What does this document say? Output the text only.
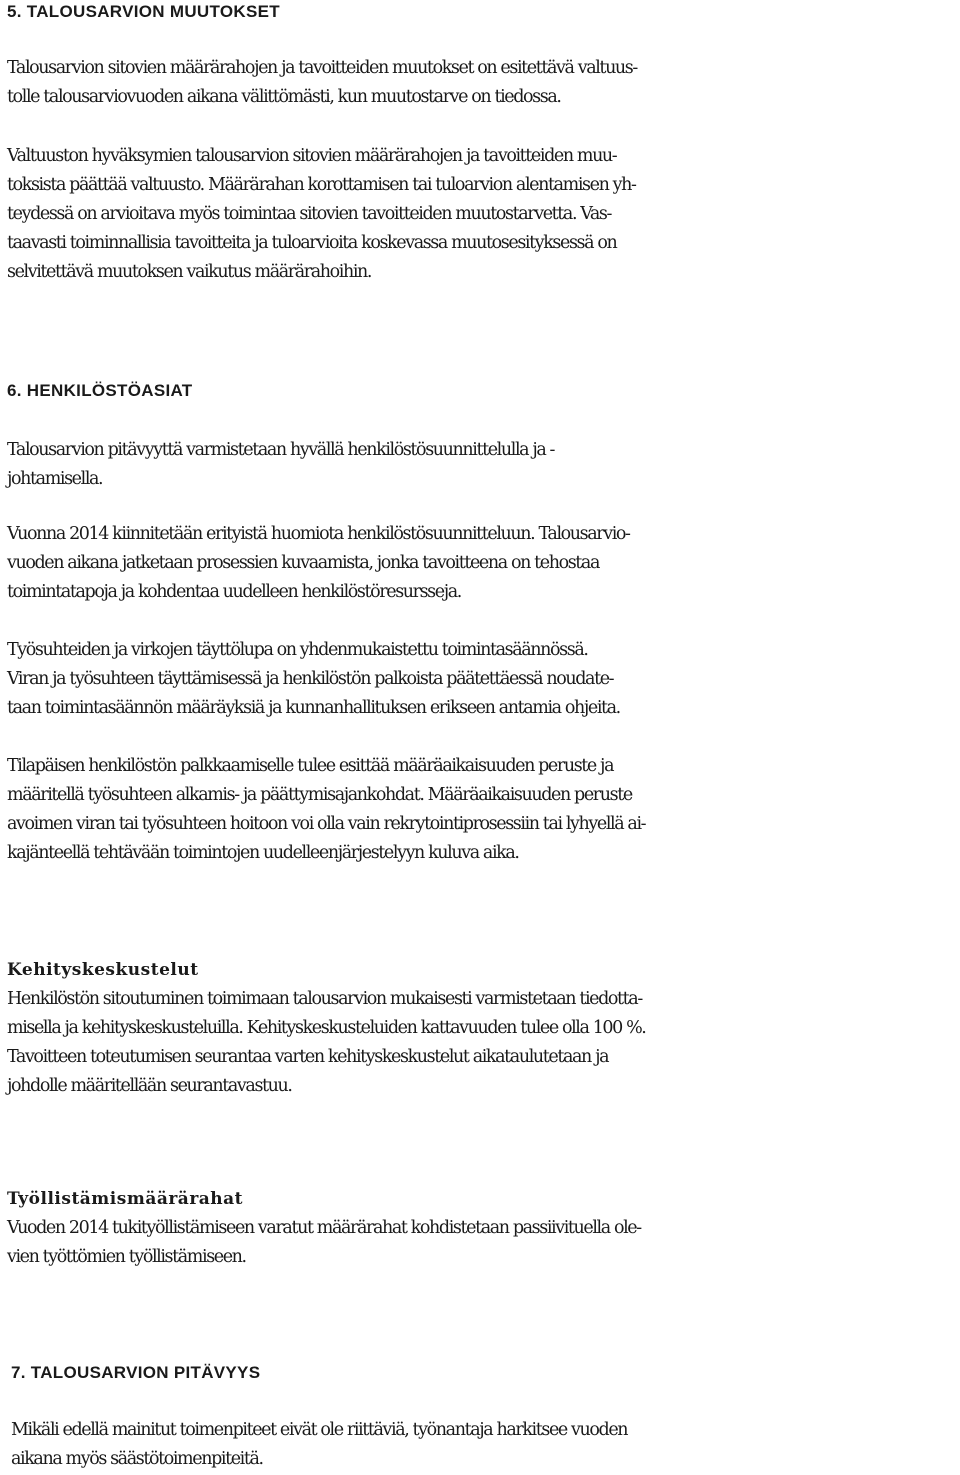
5. TALOUSARVION MUUTOKSET
Talousarvion sitovien määrärahojen ja tavoitteiden muutokset on esitettävä valtuus-
tolle talousarviovuoden aikana välittömästi, kun muutostarve on tiedossa.
Valtuuston hyväksymien talousarvion sitovien määrärahojen ja tavoitteiden muu-
toksista päättää valtuusto. Määrärahan korottamisen tai tuloarvion alentamisen yh-
teydessä on arvioitava myös toimintaa sitovien tavoitteiden muutostarvetta. Vas-
taavasti toiminnallisia tavoitteita ja tuloarvioita koskevassa muutosesityksessä on
selvitettävä muutoksen vaikutus määrärahoihin.
6. HENKILÖSTÖASIAT
Talousarvion pitävyyttä varmistetaan hyvällä henkilöstösuunnittelulla ja -
johtamisella.
Vuonna 2014 kiinnitetään erityistä huomiota henkilöstösuunnitteluun. Talousarvio-
vuoden aikana jatketaan prosessien kuvaamista, jonka tavoitteena on tehostaa
toimintatapoja ja kohdentaa uudelleen henkilöstöresursseja.
Työsuhteiden ja virkojen täyttölupa on yhdenmukaistettu toimintasäännössä.
Viran ja työsuhteen täyttämisessä ja henkilöstön palkoista päätettäessä noudate-
taan toimintasäännön määräyksiä ja kunnanhallituksen erikseen antamia ohjeita.
Tilapäisen henkilöstön palkkaamiselle tulee esittää määräaikaisuuden peruste ja
määritellä työsuhteen alkamis- ja päättymisajankohdat. Määräaikaisuuden peruste
avoimen viran tai työsuhteen hoitoon voi olla vain rekrytointiprosessiin tai lyhyellä ai-
kajänteellä tehtävään toimintojen uudelleenjärjestelyyn kuluva aika.
Kehityskeskustelut
Henkilöstön sitoutuminen toimimaan talousarvion mukaisesti varmistetaan tiedotta-
misella ja kehityskeskusteluilla. Kehityskeskusteluiden kattavuuden tulee olla 100 %.
Tavoitteen toteutumisen seurantaa varten kehityskeskustelut aikataulutetaan ja
johdolle määritellään seurantavastuu.
Työllistämismäärärahat
Vuoden 2014 tukityöllistämiseen varatut määrärahat kohdistetaan passiivituella ole-
vien työttömien työllistämiseen.
7. TALOUSARVION PITÄVYYS
Mikäli edellä mainitut toimenpiteet eivät ole riittäviä, työnantaja harkitsee vuoden
aikana myös säästötoimenpiteitä.
